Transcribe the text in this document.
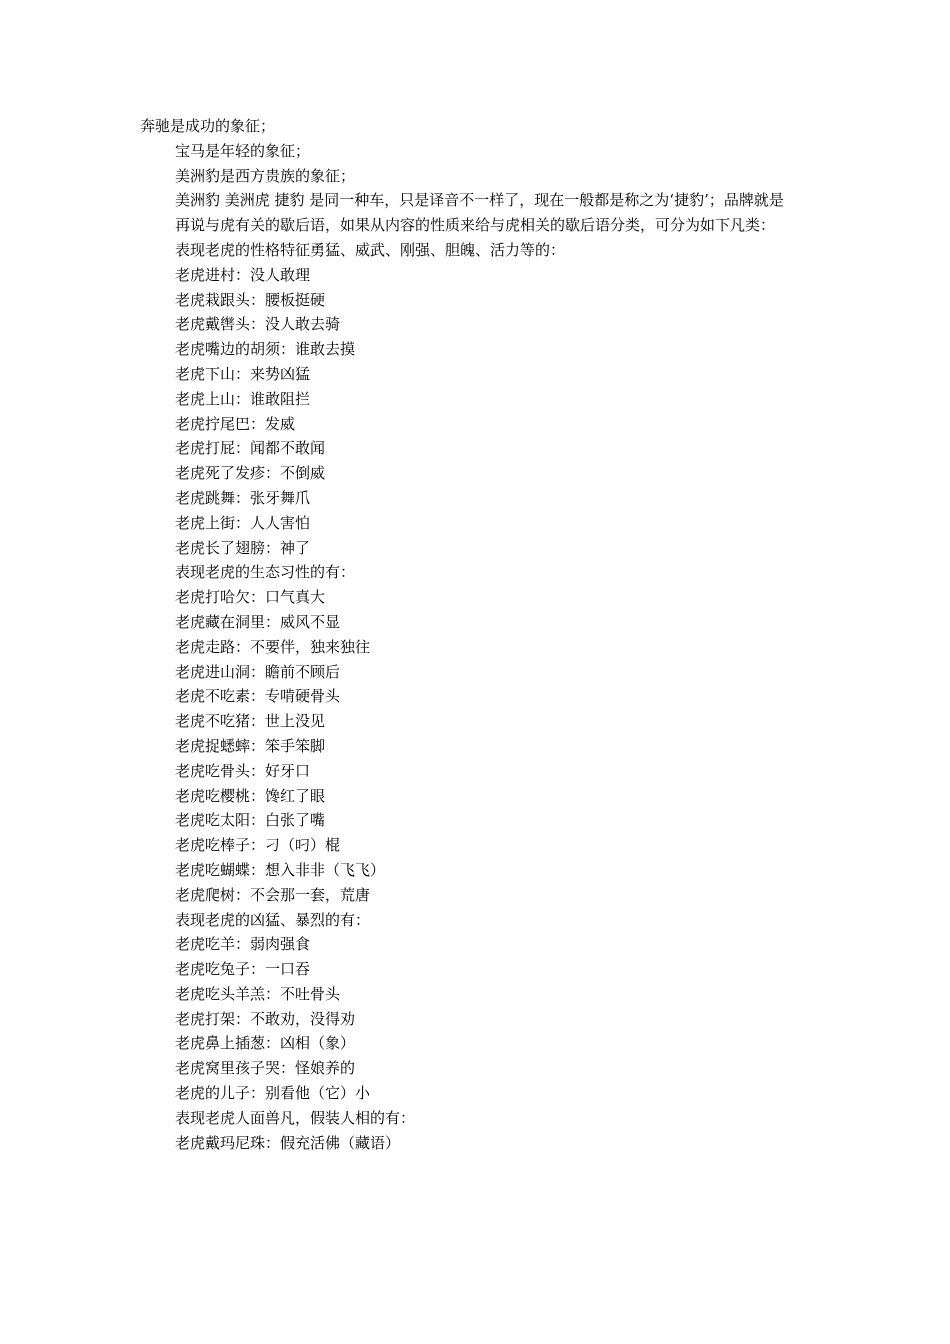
奔驰是成功的象征；

宝马是年轻的象征；

美洲豹是西方贵族的象征；

美洲豹 美洲虎 捷豹 是同一种车，只是译音不一样了，现在一般都是称之为‘捷豹’；品牌就是

再说与虎有关的歇后语，如果从内容的性质来给与虎相关的歇后语分类，可分为如下凡类：

表现老虎的性格特征勇猛、威武、刚强、胆魄、活力等的：

老虎进村：没人敢理

老虎栽跟头：腰板挺硬

老虎戴辔头：没人敢去骑

老虎嘴边的胡须：谁敢去摸

老虎下山：来势凶猛

老虎上山：谁敢阻拦

老虎拧尾巴：发威

老虎打屁：闻都不敢闻

老虎死了发疹：不倒威

老虎跳舞：张牙舞爪

老虎上街：人人害怕

老虎长了翅膀：神了

表现老虎的生态习性的有：

老虎打哈欠：口气真大

老虎藏在洞里：威风不显

老虎走路：不要伴，独来独往

老虎进山洞：瞻前不顾后

老虎不吃素：专啃硬骨头

老虎不吃猪：世上没见

老虎捉蟋蟀：笨手笨脚

老虎吃骨头：好牙口

老虎吃樱桃：馋红了眼

老虎吃太阳：白张了嘴

老虎吃棒子：刁（叼）棍

老虎吃蝴蝶：想入非非（飞飞）

老虎爬树：不会那一套，荒唐

表现老虎的凶猛、暴烈的有：

老虎吃羊：弱肉强食

老虎吃兔子：一口吞

老虎吃头羊羔：不吐骨头

老虎打架：不敢劝，没得劝

老虎鼻上插葱：凶相（象）

老虎窝里孩子哭：怪娘养的

老虎的儿子：别看他（它）小

表现老虎人面兽凡，假装人相的有：

老虎戴玛尼珠：假充活佛（藏语）
